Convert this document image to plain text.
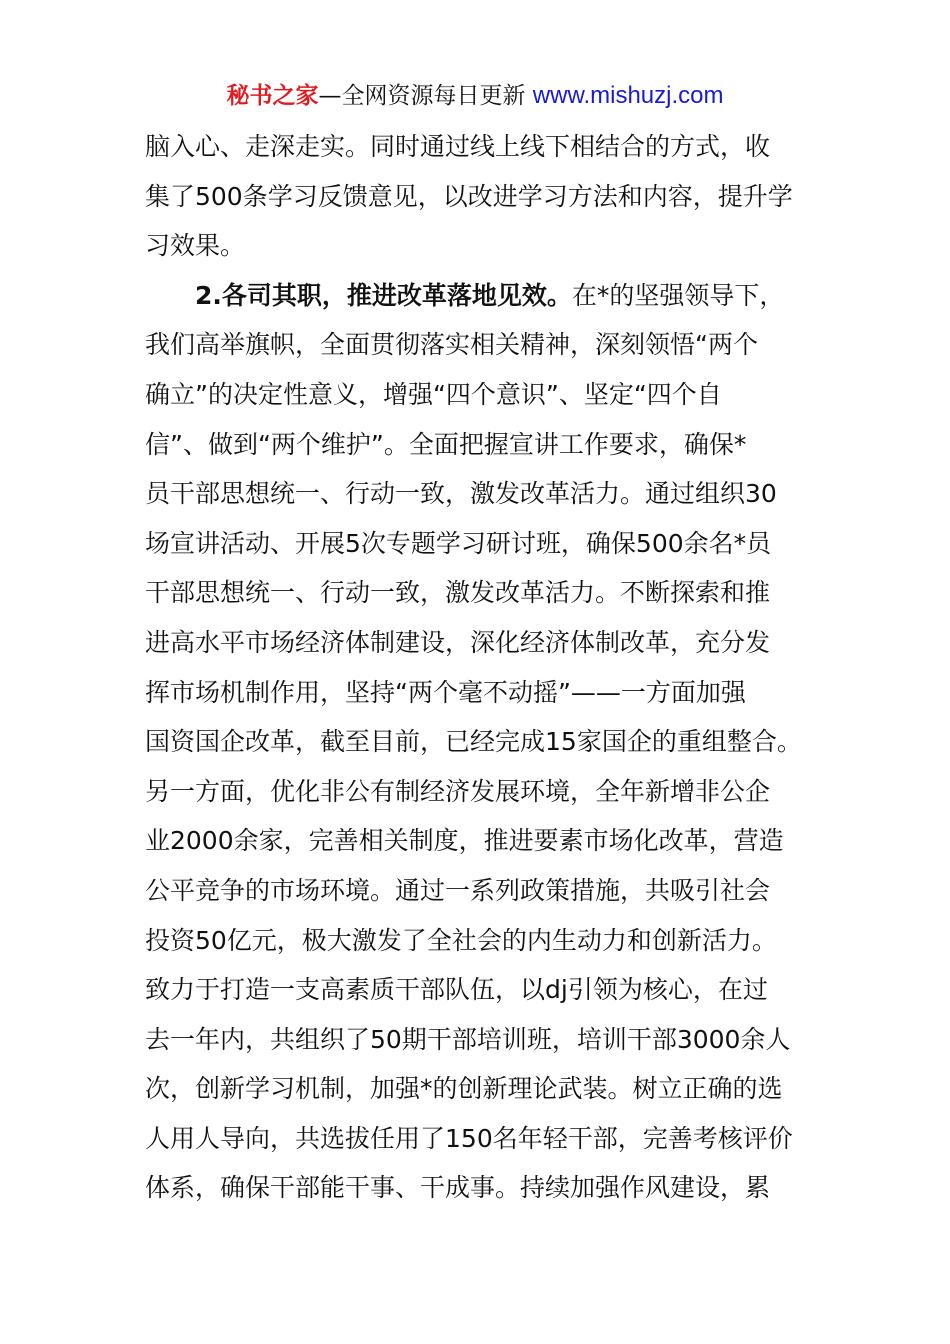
秘书之家—全网资源每日更新 www.mishuzj.com
脑入心、走深走实。同时通过线上线下相结合的方式，收
集了500条学习反馈意见，以改进学习方法和内容，提升学
习效果。
2.各司其职，推进改革落地见效。在*的坚强领导下，
我们高举旗帜，全面贯彻落实相关精神，深刻领悟“两个
确立”的决定性意义，增强“四个意识”、坚定“四个自
信”、做到“两个维护”。全面把握宣讲工作要求，确保*
员干部思想统一、行动一致，激发改革活力。通过组织30
场宣讲活动、开展5次专题学习研讨班，确保500余名*员
干部思想统一、行动一致，激发改革活力。不断探索和推
进高水平市场经济体制建设，深化经济体制改革，充分发
挥市场机制作用，坚持“两个毫不动摇”——一方面加强
国资国企改革，截至目前，已经完成15家国企的重组整合。
另一方面，优化非公有制经济发展环境，全年新增非公企
业2000余家，完善相关制度，推进要素市场化改革，营造
公平竞争的市场环境。通过一系列政策措施，共吸引社会
投资50亿元，极大激发了全社会的内生动力和创新活力。
致力于打造一支高素质干部队伍，以dj引领为核心，在过
去一年内，共组织了50期干部培训班，培训干部3000余人
次，创新学习机制，加强*的创新理论武装。树立正确的选
人用人导向，共选拔任用了150名年轻干部，完善考核评价
体系，确保干部能干事、干成事。持续加强作风建设，累
